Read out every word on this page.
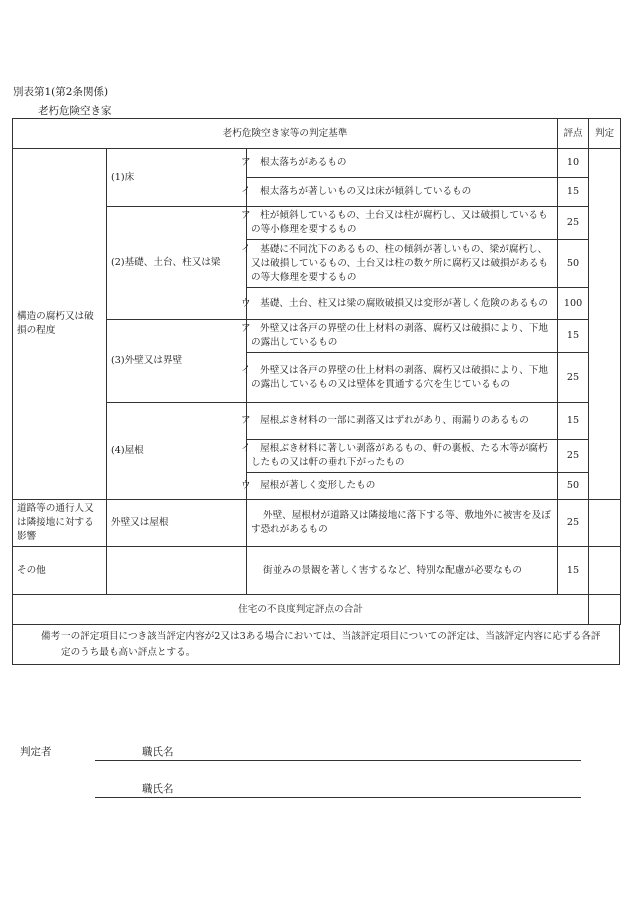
別表第1(第2条関係)
老朽危険空き家
老朽危険空き家等の判定基準			評点	判定
構造の腐朽又は破損の程度	(1)床	ア　根太落ちがあるもの	10	
		イ　根太落ちが著しいもの又は床が傾斜しているもの	15	
	(2)基礎、土台、柱又は梁	ア　柱が傾斜しているもの、土台又は柱が腐朽し、又は破損しているもの等小修理を要するもの	25	
		イ　基礎に不同沈下のあるもの、柱の傾斜が著しいもの、梁が腐朽し、又は破損しているもの、土台又は柱の数ケ所に腐朽又は破損があるもの等大修理を要するもの	50	
		ウ　基礎、土台、柱又は梁の腐敗破損又は変形が著しく危険のあるもの	100	
	(3)外壁又は界壁	ア　外壁又は各戸の界壁の仕上材料の剥落、腐朽又は破損により、下地の露出しているもの	15	
		イ　外壁又は各戸の界壁の仕上材料の剥落、腐朽又は破損により、下地の露出しているもの又は壁体を貫通する穴を生じているもの	25	
	(4)屋根	ア　屋根ぶき材料の一部に剥落又はずれがあり、雨漏りのあるもの	15	
		イ　屋根ぶき材料に著しい剥落があるもの、軒の裏板、たる木等が腐朽したもの又は軒の垂れ下がったもの	25	
		ウ　屋根が著しく変形したもの	50	
道路等の通行人又は隣接地に対する影響	外壁又は屋根	外壁、屋根材が道路又は隣接地に落下する等、敷地外に被害を及ぼす恐れがあるもの	25	
その他		街並みの景観を著しく害するなど、特別な配慮が必要なもの	15	
住宅の不良度判定評点の合計				
備考 一の評定項目につき該当評定内容が2又は3ある場合においては、当該評定項目についての評定は、当該評定内容に応ずる各評定のうち最も高い評点とする。
判定者	職氏名
職氏名
